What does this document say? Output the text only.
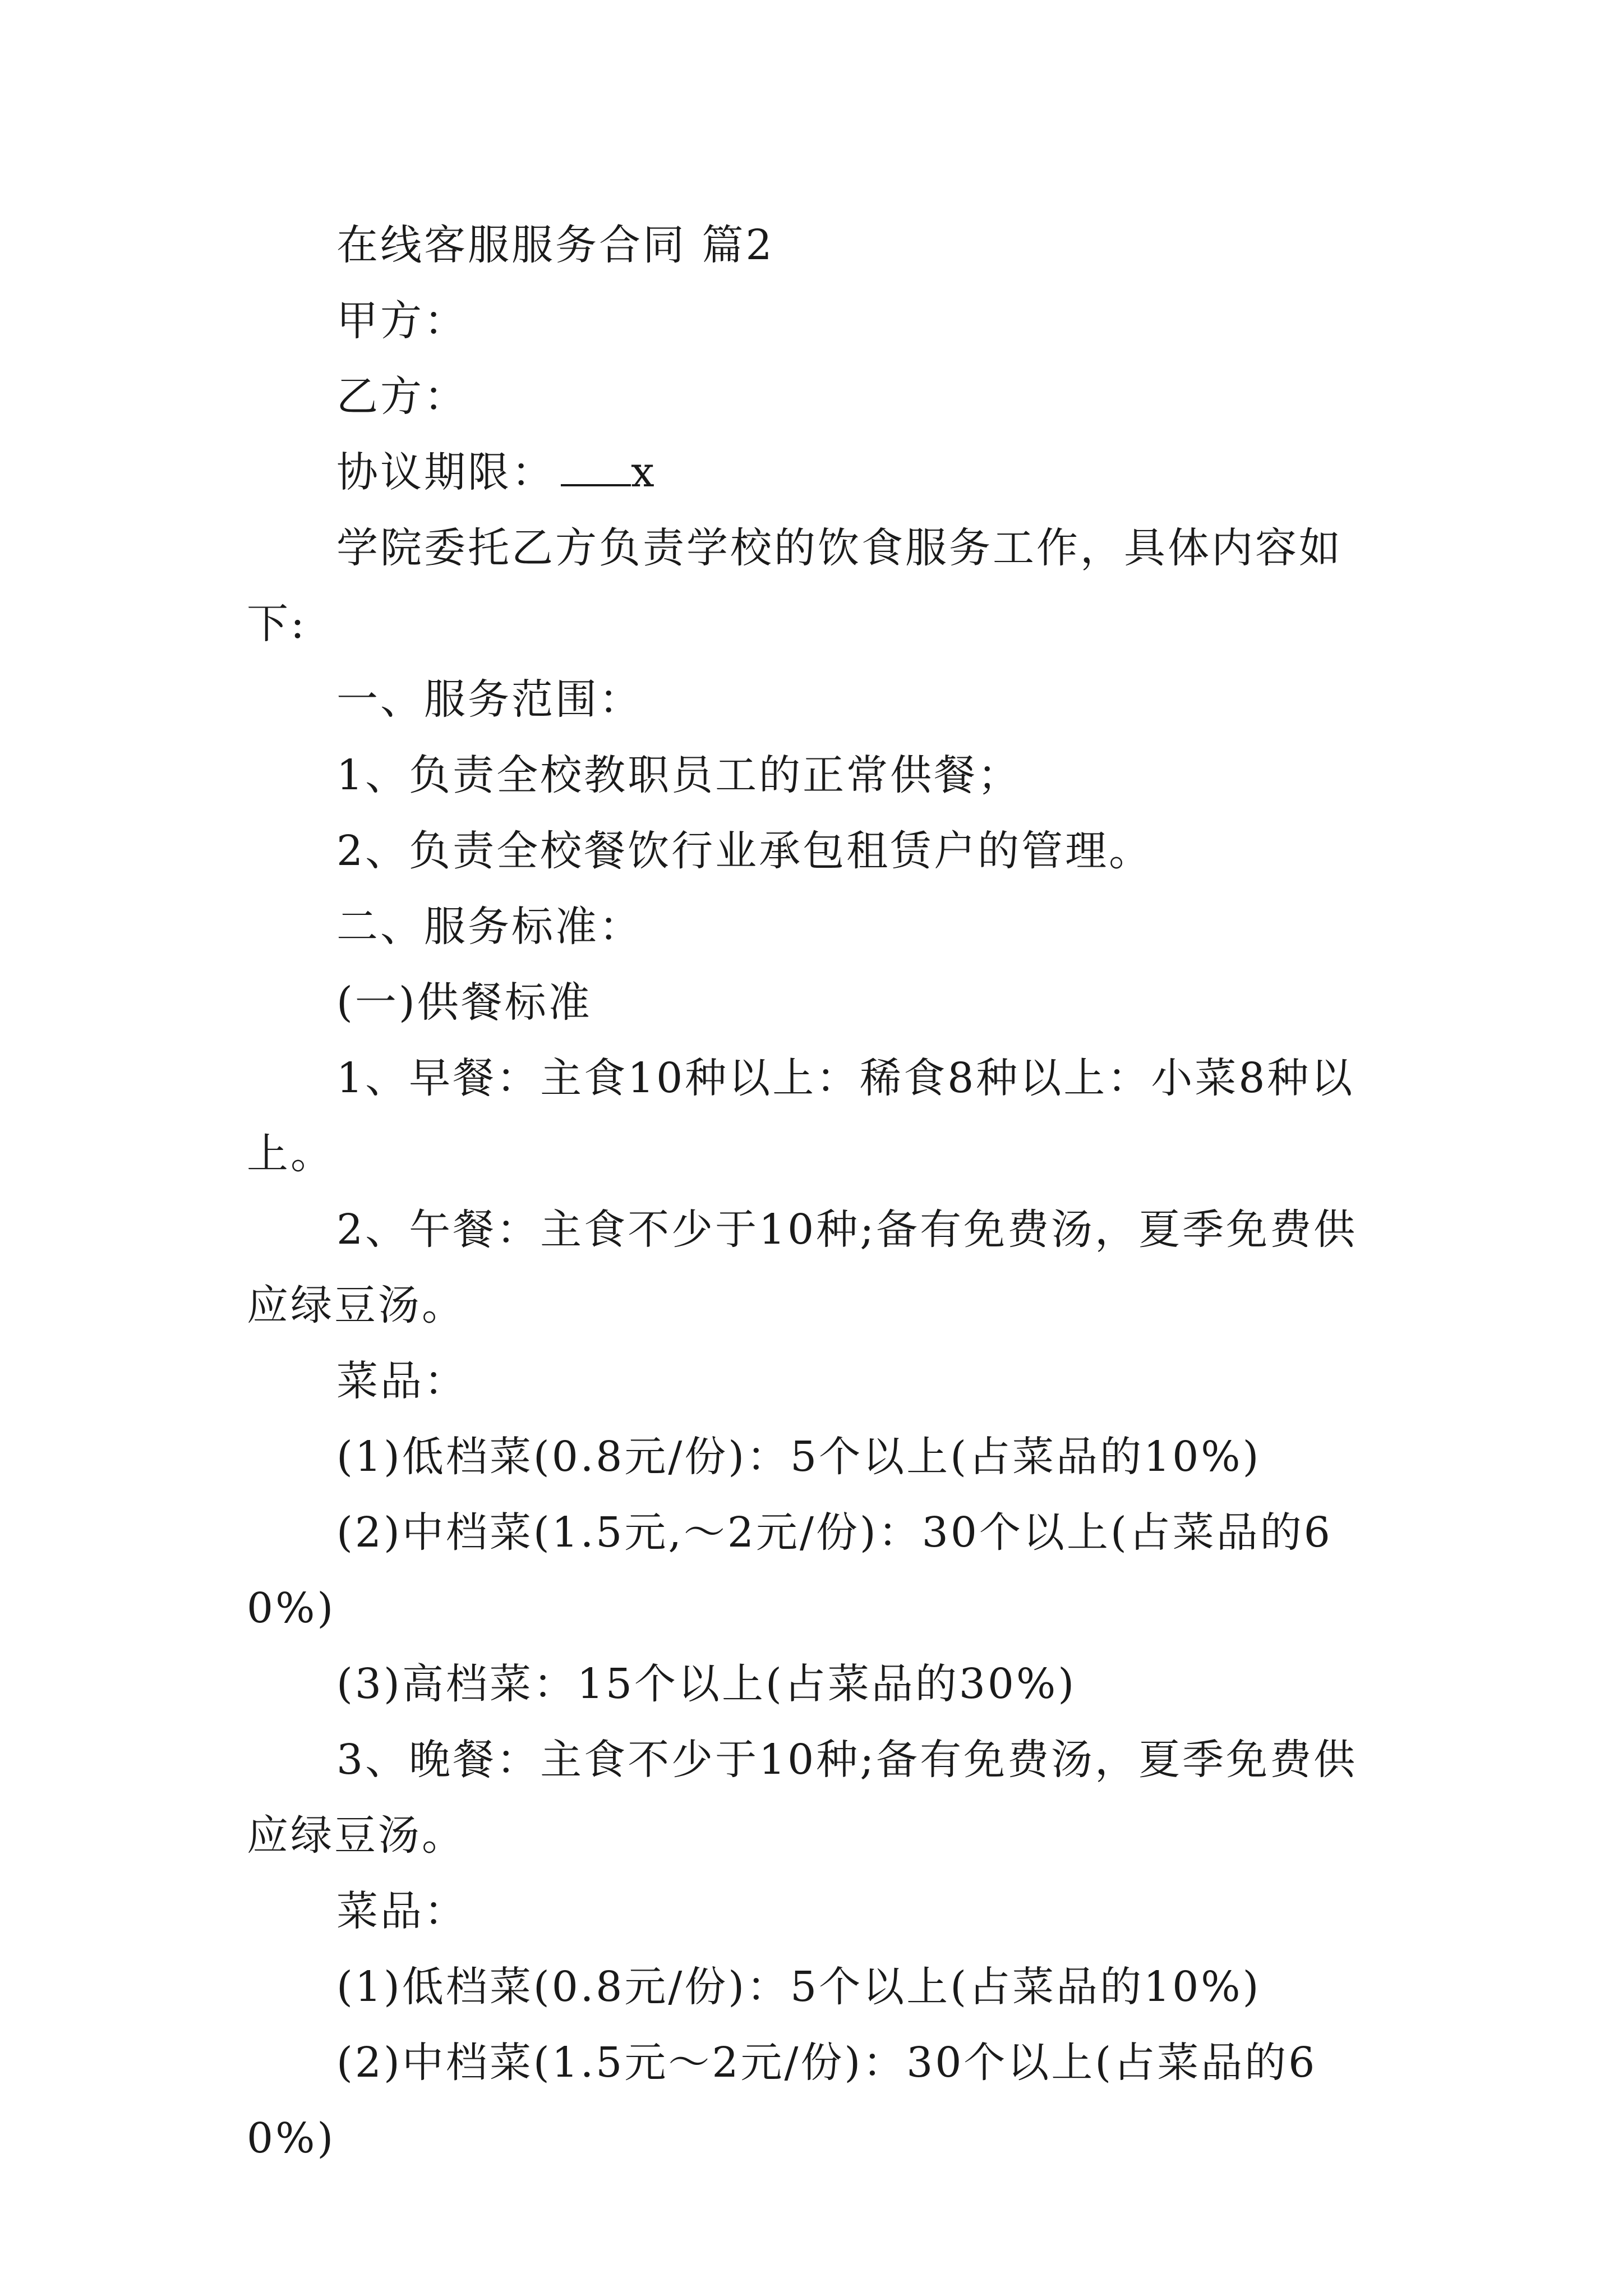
在线客服服务合同 篇2

甲方：

乙方：

协议期限： x

学院委托乙方负责学校的饮食服务工作，具体内容如下:

一、服务范围：

1、负责全校教职员工的正常供餐；

2、负责全校餐饮行业承包租赁户的管理。

二、服务标准：

(一)供餐标准

1、早餐：主食10种以上：稀食8种以上：小菜8种以上。

2、午餐：主食不少于10种;备有免费汤，夏季免费供应绿豆汤。

菜品：

(1)低档菜(0.8元/份)：5个以上(占菜品的10%)

(2)中档菜(1.5元,～2元/份)：30个以上(占菜品的60%)

(3)高档菜：15个以上(占菜品的30%)

3、晚餐：主食不少于10种;备有免费汤，夏季免费供应绿豆汤。

菜品：

(1)低档菜(0.8元/份)：5个以上(占菜品的10%)

(2)中档菜(1.5元～2元/份)：30个以上(占菜品的60%)
